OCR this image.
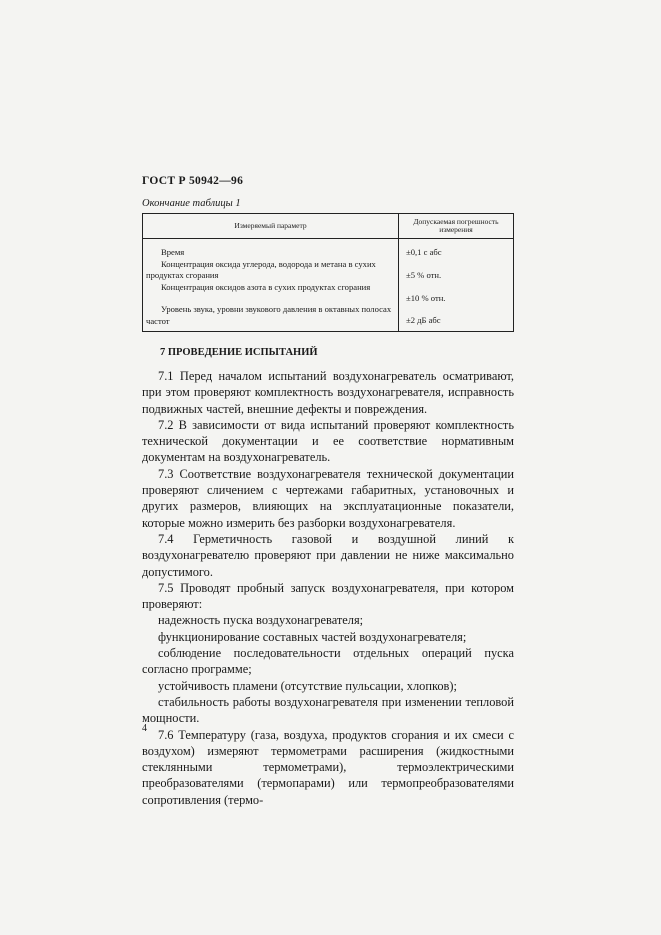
ГОСТ Р 50942—96
Окончание таблицы 1
Измеряемый параметр	Допускаемая погрешность измерения
Время	±0,1 с абс
Концентрация оксида углерода, водорода и метана в сухих продуктах сгорания	±5 % отн.
Концентрация оксидов азота в сухих продуктах сгорания	±10 % отн.
Уровень звука, уровни звукового давления в октавных полосах частот	±2 дБ абс
7 ПРОВЕДЕНИЕ ИСПЫТАНИЙ

7.1 Перед началом испытаний воздухонагреватель осматривают, при этом проверяют комплектность воздухонагревателя, исправность подвижных частей, внешние дефекты и повреждения.

7.2 В зависимости от вида испытаний проверяют комплектность технической документации и ее соответствие нормативным документам на воздухонагреватель.

7.3 Соответствие воздухонагревателя технической документации проверяют сличением с чертежами габаритных, установочных и других размеров, влияющих на эксплуатационные показатели, которые можно измерить без разборки воздухонагревателя.

7.4 Герметичность газовой и воздушной линий к воздухонагревателю проверяют при давлении не ниже максимально допустимого.

7.5 Проводят пробный запуск воздухонагревателя, при котором проверяют:

надежность пуска воздухонагревателя;

функционирование составных частей воздухонагревателя;

соблюдение последовательности отдельных операций пуска согласно программе;

устойчивость пламени (отсутствие пульсации, хлопков);

стабильность работы воздухонагревателя при изменении тепловой мощности.

7.6 Температуру (газа, воздуха, продуктов сгорания и их смеси с воздухом) измеряют термометрами расширения (жидкостными стеклянными термометрами), термоэлектрическими преобразователями (термопарами) или термопреобразователями сопротивления (термо-

4
